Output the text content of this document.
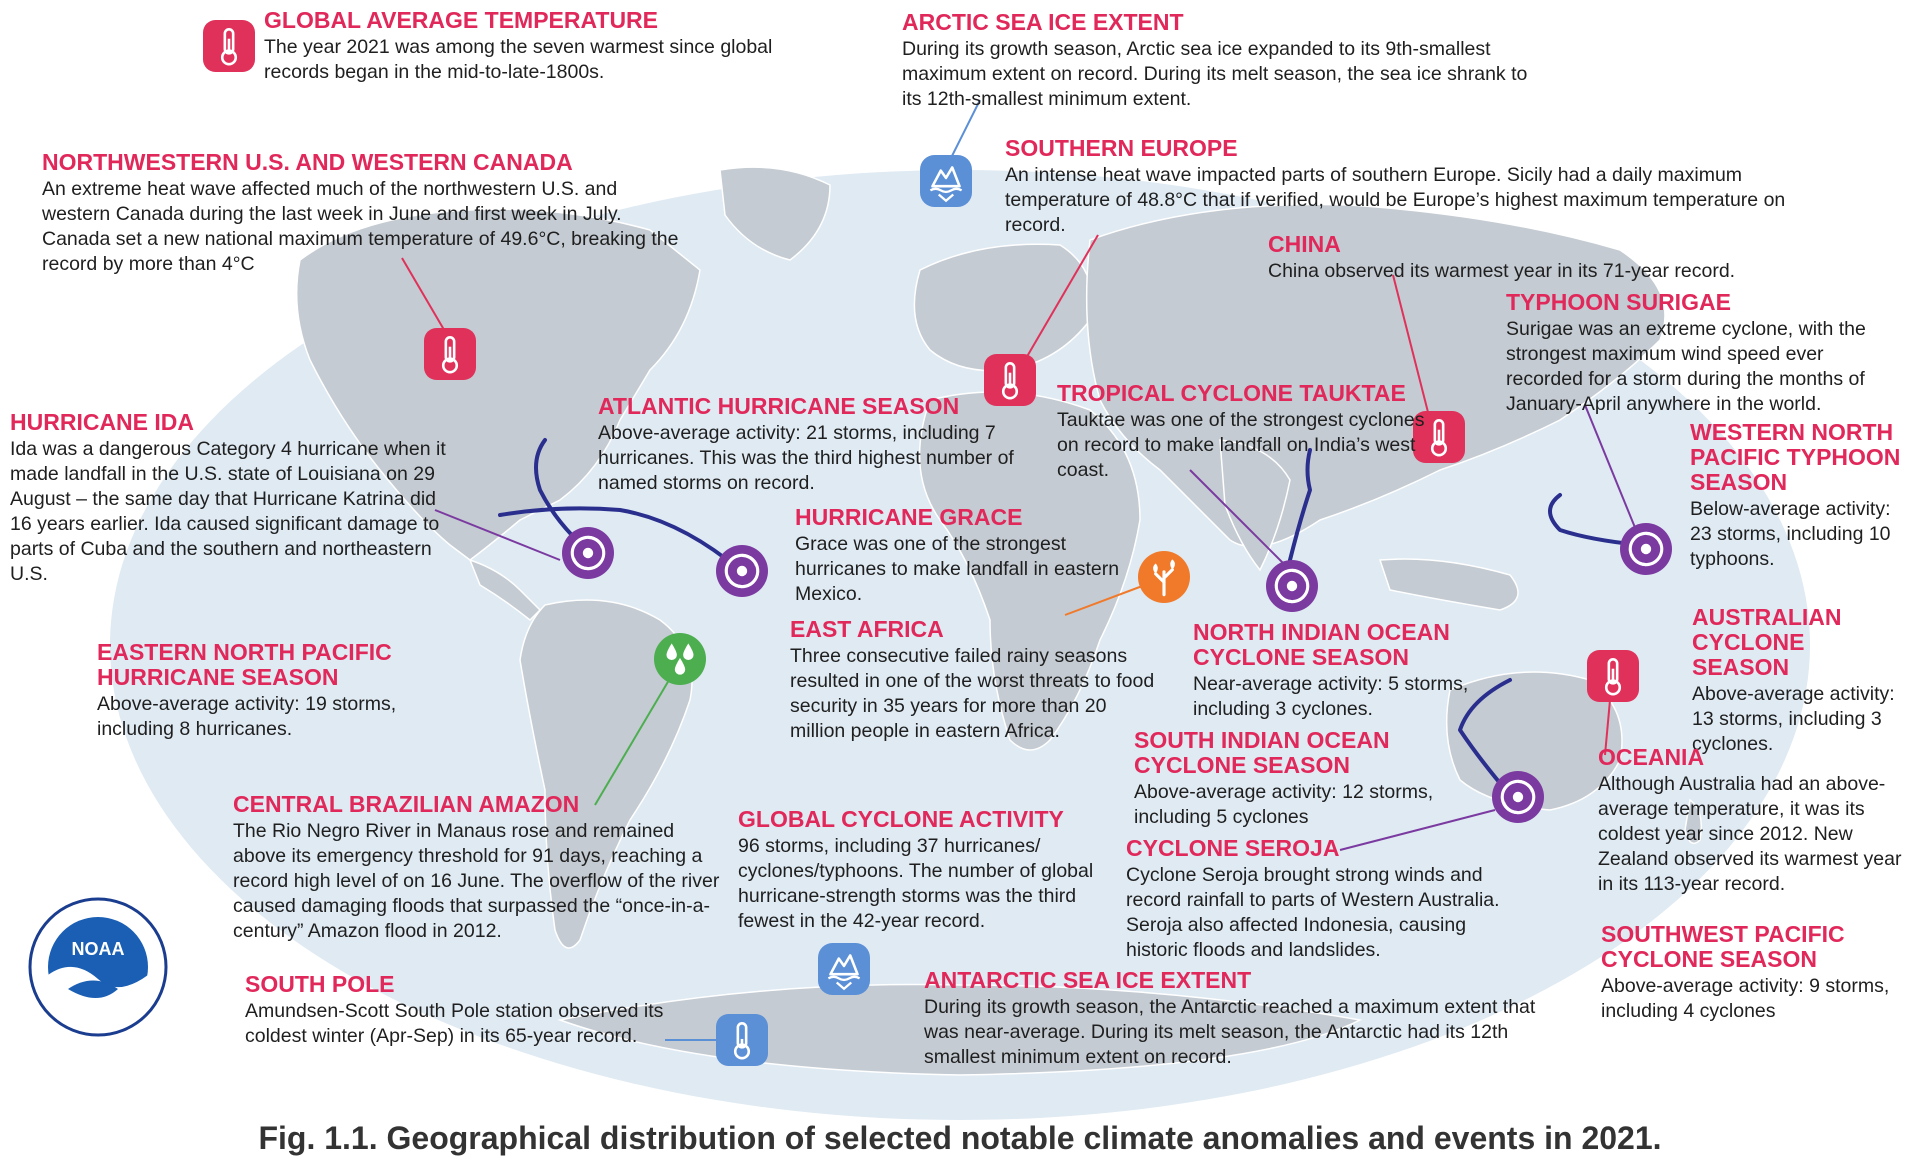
NOAA
GLOBAL AVERAGE TEMPERATURE

The year 2021 was among the seven warmest since global records began in the mid-to-late-1800s.

ARCTIC SEA ICE EXTENT

During its growth season, Arctic sea ice expanded to its 9th-smallest maximum extent on record. During its melt season, the sea ice shrank to its 12th-smallest minimum extent.

NORTHWESTERN U.S. AND WESTERN CANADA

An extreme heat wave affected much of the northwestern U.S. and western Canada during the last week in June and first week in July. Canada set a new national maximum temperature of 49.6°C, breaking the record by more than 4°C

SOUTHERN EUROPE

An intense heat wave impacted parts of southern Europe. Sicily had a daily maximum temperature of 48.8°C that if verified, would be Europe’s highest maximum temperature on record.

CHINA

China observed its warmest year in its 71-year record.

TYPHOON SURIGAE

Surigae was an extreme cyclone, with the strongest maximum wind speed ever recorded for a storm during the months of January-April anywhere in the world.

ATLANTIC HURRICANE SEASON

Above-average activity: 21 storms, including 7 hurricanes. This was the third highest number of named storms on record.

TROPICAL CYCLONE TAUKTAE

Tauktae was one of the strongest cyclones on record to make landfall on India’s west coast.

HURRICANE IDA

Ida was a dangerous Category 4 hurricane when it made landfall in the U.S. state of Louisiana on 29 August – the same day that Hurricane Katrina did 16 years earlier. Ida caused significant damage to parts of Cuba and the southern and northeastern U.S.

WESTERN NORTH PACIFIC TYPHOON SEASON

Below-average activity: 23 storms, including 10 typhoons.

HURRICANE GRACE

Grace was one of the strongest hurricanes to make landfall in eastern Mexico.

EAST AFRICA

Three consecutive failed rainy seasons resulted in one of the worst threats to food security in 35 years for more than 20 million people in eastern Africa.

EASTERN NORTH PACIFIC HURRICANE SEASON

Above-average activity: 19 storms, including 8 hurricanes.

NORTH INDIAN OCEAN CYCLONE SEASON

Near-average activity: 5 storms, including 3 cyclones.

AUSTRALIAN CYCLONE SEASON

Above-average activity: 13 storms, including 3 cyclones.

SOUTH INDIAN OCEAN CYCLONE SEASON

Above-average activity: 12 storms, including 5 cyclones

OCEANIA

Although Australia had an above-average temperature, it was its coldest year since 2012. New Zealand observed its warmest year in its 113-year record.

CENTRAL BRAZILIAN AMAZON

The Rio Negro River in Manaus rose and remained above its emergency threshold for 91 days, reaching a record high level of on 16 June. The overflow of the river caused damaging floods that surpassed the “once-in-a-century” Amazon flood in 2012.

GLOBAL CYCLONE ACTIVITY

96 storms, including 37 hurricanes/ cyclones/typhoons. The number of global hurricane-strength storms was the third fewest in the 42-year record.

CYCLONE SEROJA

Cyclone Seroja brought strong winds and record rainfall to parts of Western Australia. Seroja also affected Indonesia, causing historic floods and landslides.

SOUTHWEST PACIFIC CYCLONE SEASON

Above-average activity: 9 storms, including 4 cyclones

SOUTH POLE

Amundsen-Scott South Pole station observed its coldest winter (Apr-Sep) in its 65-year record.

ANTARCTIC SEA ICE EXTENT

During its growth season, the Antarctic reached a maximum extent that was near-average. During its melt season, the Antarctic had its 12th smallest minimum extent on record.

Fig. 1.1. Geographical distribution of selected notable climate anomalies and events in 2021.
